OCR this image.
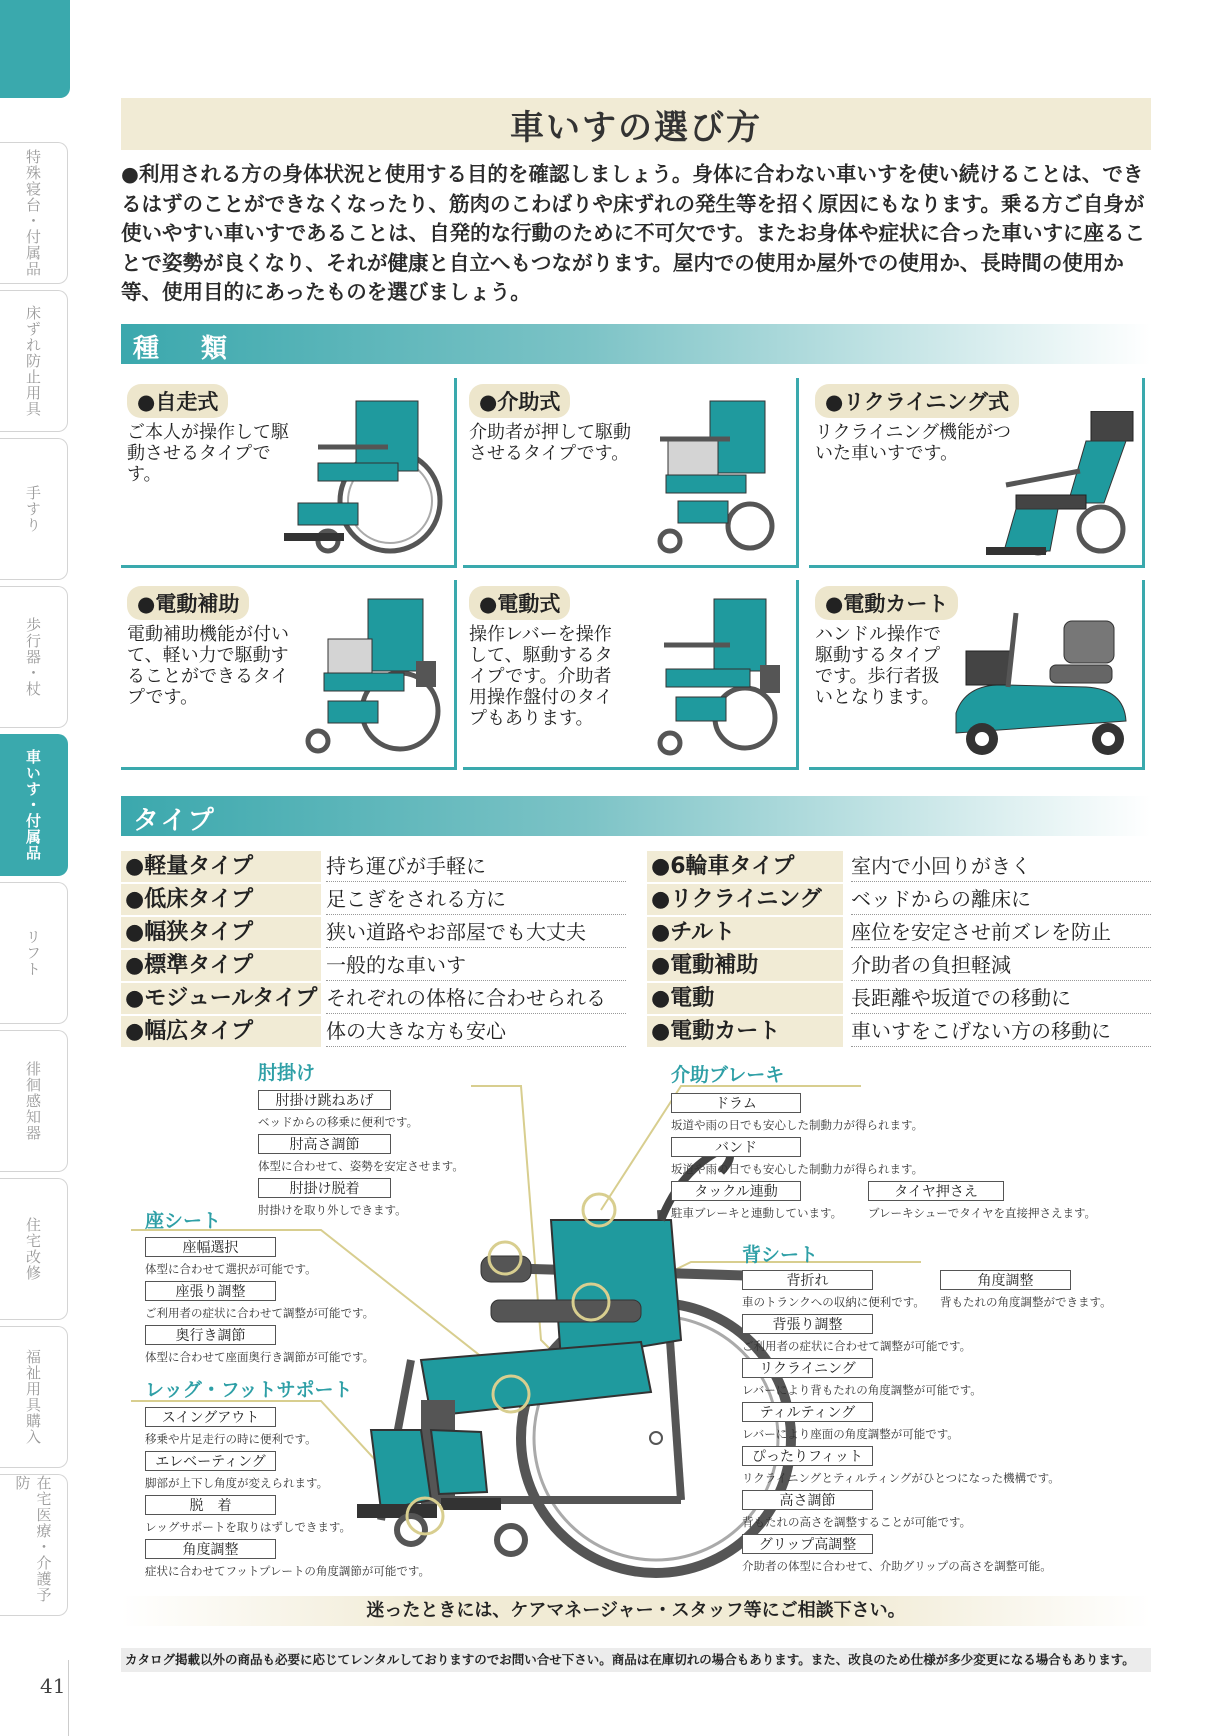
特殊寝台・付属品
床ずれ防止用具
手すり
歩行器・杖
車いす・付属品
リフト
徘徊感知器
住宅改修
福祉用具購入
在宅医療・介護予防
41
車いすの選び方
●利用される方の身体状況と使用する目的を確認しましょう。身体に合わない車いすを使い続けることは、できるはずのことができなくなったり、筋肉のこわばりや床ずれの発生等を招く原因にもなります。乗る方ご自身が使いやすい車いすであることは、自発的な行動のために不可欠です。またお身体や症状に合った車いすに座ることで姿勢が良くなり、それが健康と自立へもつながります。屋内での使用か屋外での使用か、長時間の使用か等、使用目的にあったものを選びましょう。
種　類
●自走式
ご本人が操作して駆動させるタイプです。
●介助式
介助者が押して駆動させるタイプです。
●リクライニング式
リクライニング機能がついた車いすです。
●電動補助
電動補助機能が付いて、軽い力で駆動することができるタイプです。
●電動式
操作レバーを操作して、駆動するタイプです。介助者用操作盤付のタイプもあります。
●電動カート
ハンドル操作で駆動するタイプです。歩行者扱いとなります。
タイプ
●軽量タイプ	持ち運びが手軽に
●低床タイプ	足こぎをされる方に
●幅狭タイプ	狭い道路やお部屋でも大丈夫
●標準タイプ	一般的な車いす
●モジュールタイプ それぞれの体格に合わせられる
●幅広タイプ	体の大きな方も安心
●6輪車タイプ	室内で小回りがきく
●リクライニング	ベッドからの離床に
●チルト	座位を安定させ前ズレを防止
●電動補助	介助者の負担軽減
●電動	長距離や坂道での移動に
●電動カート	車いすをこげない方の移動に
肘掛け
肘掛け跳ねあげ
ベッドからの移乗に便利です。
肘高さ調節
体型に合わせて、姿勢を安定させます。
肘掛け脱着
肘掛けを取り外しできます。
介助ブレーキ
ドラム
坂道や雨の日でも安心した制動力が得られます。
バンド
坂道や雨の日でも安心した制動力が得られます。
タックル連動
駐車ブレーキと連動しています。
タイヤ押さえ
ブレーキシューでタイヤを直接押さえます。
座シート
座幅選択
体型に合わせて選択が可能です。
座張り調整
ご利用者の症状に合わせて調整が可能です。
奥行き調節
体型に合わせて座面奥行き調節が可能です。
背シート
背折れ
車のトランクへの収納に便利です。
角度調整
背もたれの角度調整ができます。
背張り調整
ご利用者の症状に合わせて調整が可能です。
リクライニング
レバーにより背もたれの角度調整が可能です。
ティルティング
レバーにより座面の角度調整が可能です。
ぴったりフィット
リクライニングとティルティングがひとつになった機構です。
高さ調節
背もたれの高さを調整することが可能です。
グリップ高調整
介助者の体型に合わせて、介助グリップの高さを調整可能。
レッグ・フットサポート
スイングアウト
移乗や片足走行の時に便利です。
エレベーティング
脚部が上下し角度が変えられます。
脱　着
レッグサポートを取りはずしできます。
角度調整
症状に合わせてフットプレートの角度調節が可能です。
迷ったときには、ケアマネージャー・スタッフ等にご相談下さい。
カタログ掲載以外の商品も必要に応じてレンタルしておりますのでお問い合せ下さい。商品は在庫切れの場合もあります。また、改良のため仕様が多少変更になる場合もあります。
